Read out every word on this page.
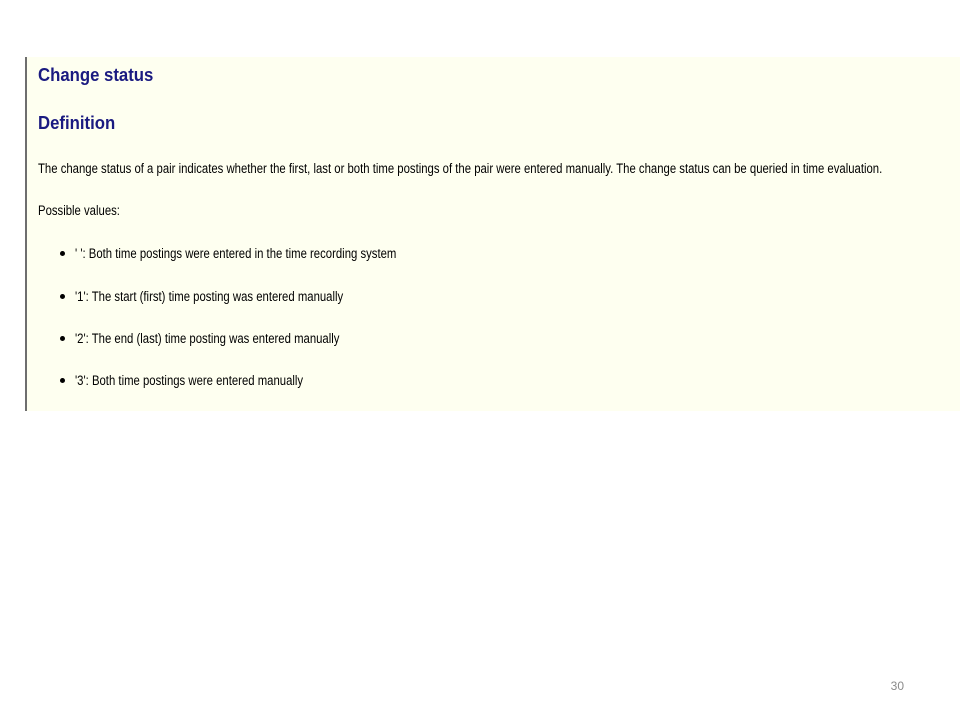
Change status
Definition

The change status of a pair indicates whether the first, last or both time postings of the pair were entered manually. The change status can be queried in time evaluation.

Possible values:

' ': Both time postings were entered in the time recording system
'1': The start (first) time posting was entered manually
'2': The end (last) time posting was entered manually
'3': Both time postings were entered manually
30
